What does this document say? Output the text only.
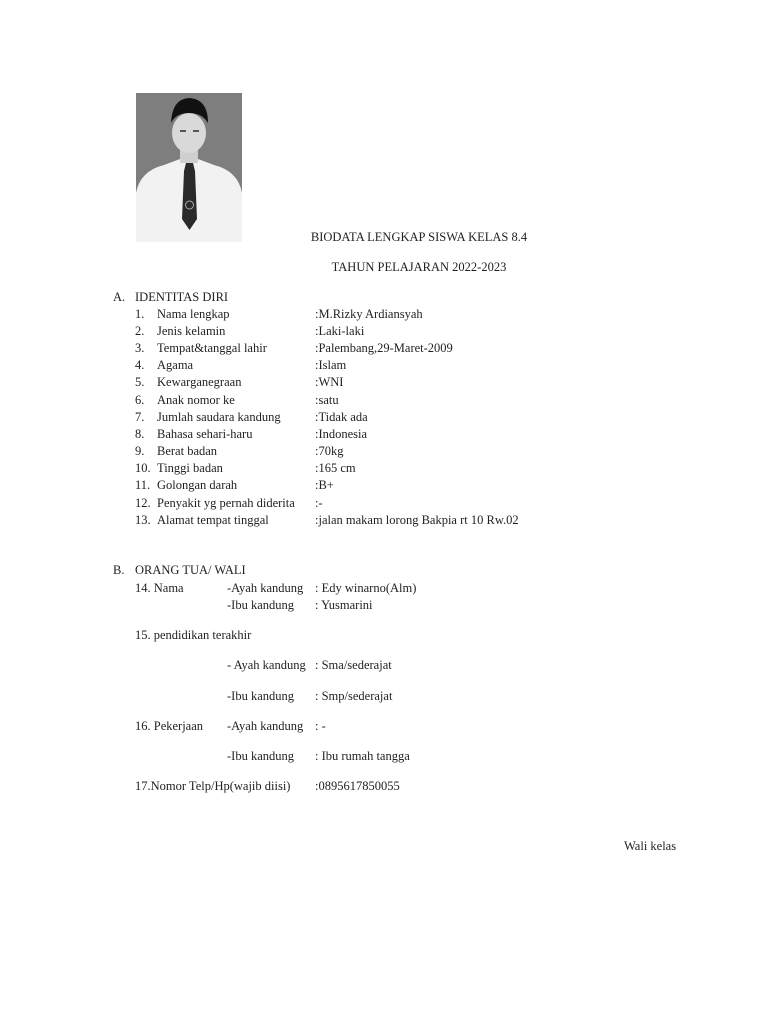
BIODATA LENGKAP SISWA KELAS 8.4
TAHUN PELAJARAN 2022-2023
A. IDENTITAS DIRI
1. Nama lengkap	:M.Rizky Ardiansyah
2. Jenis kelamin	:Laki-laki
3. Tempat&tanggal lahir	:Palembang,29-Maret-2009
4. Agama	:Islam
5. Kewarganegraan	:WNI
6. Anak nomor ke	:satu
7. Jumlah saudara kandung	:Tidak ada
8. Bahasa sehari-haru	:Indonesia
9. Berat badan	:70kg
10. Tinggi badan	:165 cm
11. Golongan darah	:B+
12. Penyakit yg pernah diderita :-
13. Alamat tempat tinggal	:jalan makam lorong Bakpia rt 10 Rw.02
B. ORANG TUA/ WALI
14. Nama	-Ayah kandung : Edy winarno(Alm)
-Ibu kandung : Yusmarini
15. pendidikan terakhir
- Ayah kandung : Sma/sederajat
-Ibu kandung : Smp/sederajat
16. Pekerjaan -Ayah kandung : -
-Ibu kandung : Ibu rumah tangga
17.Nomor Telp/Hp(wajib diisi) :0895617850055
Wali kelas
